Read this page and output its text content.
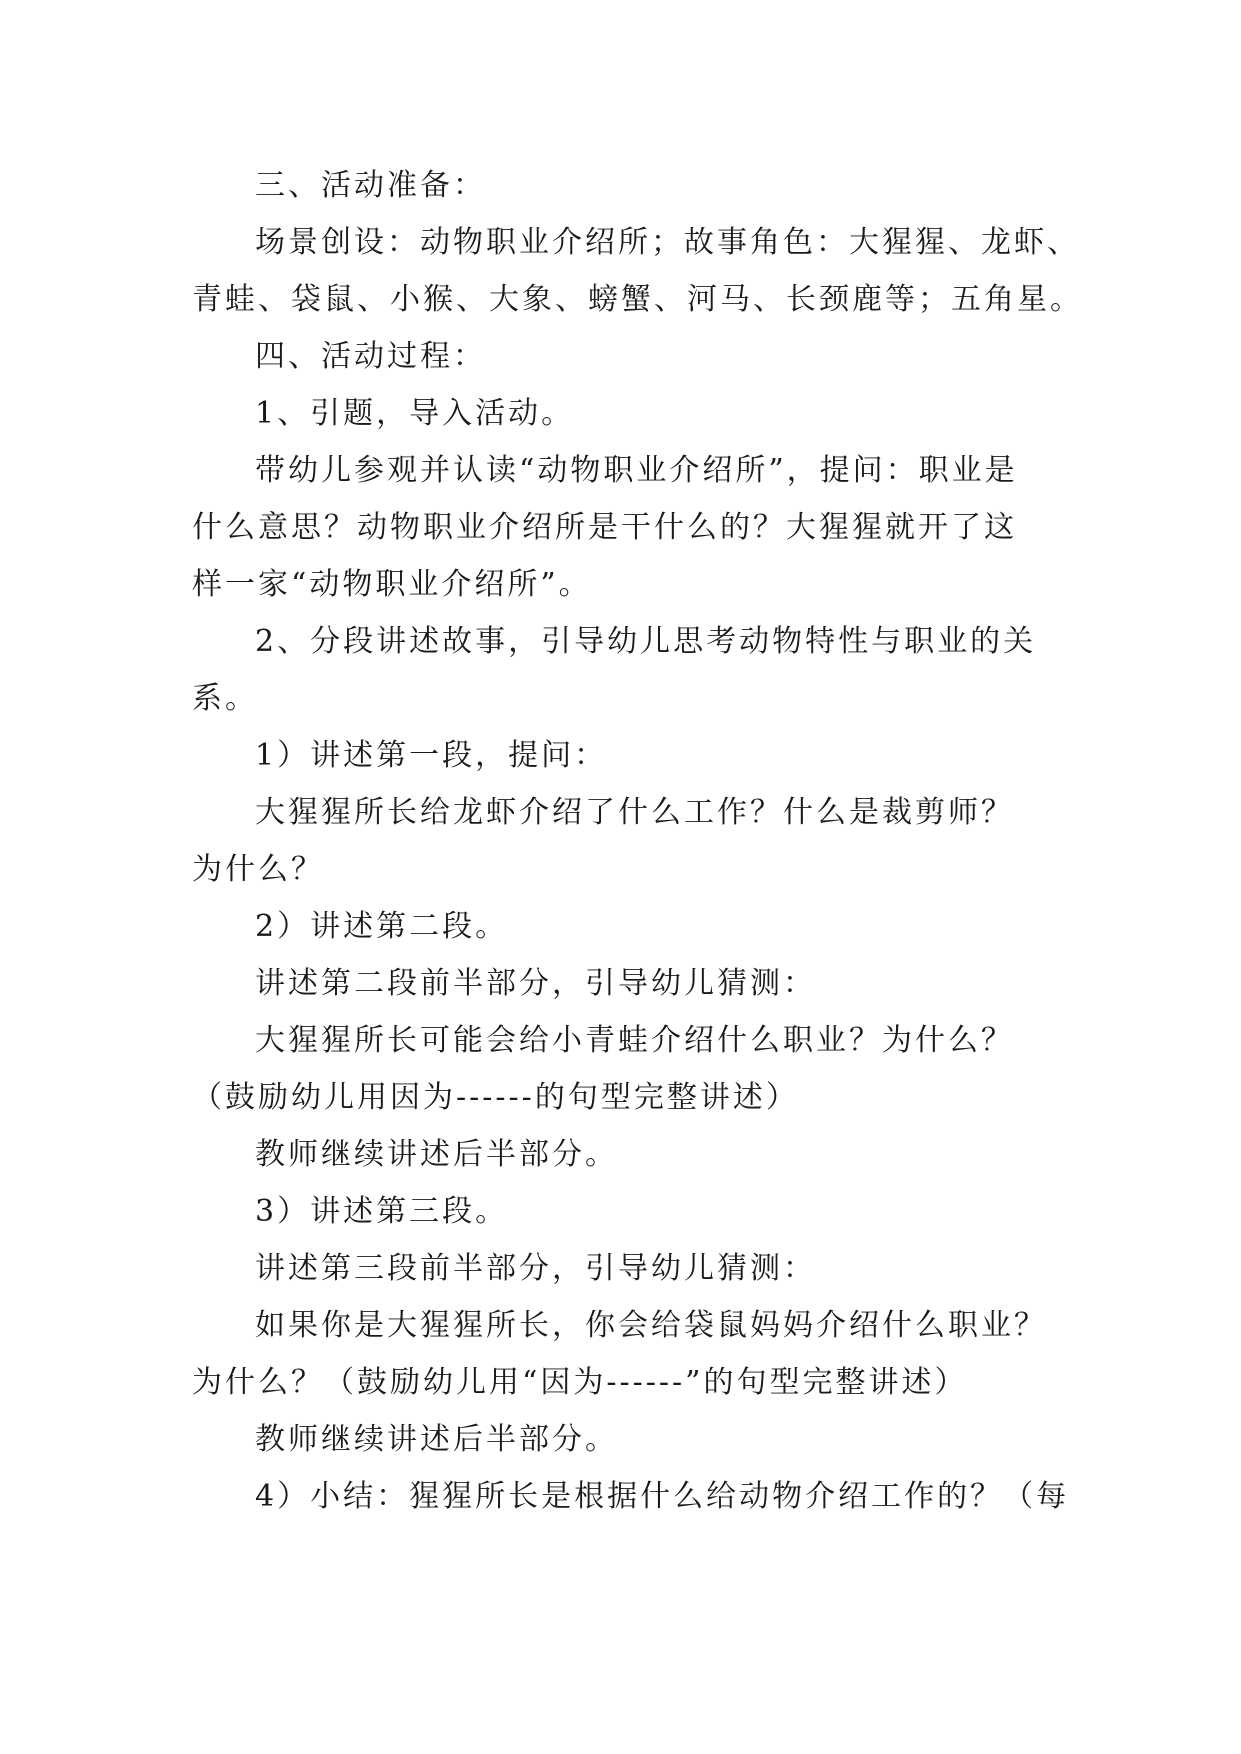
三、活动准备：
场景创设：动物职业介绍所；故事角色：大猩猩、龙虾、
青蛙、袋鼠、小猴、大象、螃蟹、河马、长颈鹿等；五角星。
四、活动过程：
1、引题，导入活动。
带幼儿参观并认读“动物职业介绍所”，提问：职业是
什么意思？动物职业介绍所是干什么的？大猩猩就开了这
样一家“动物职业介绍所”。
2、分段讲述故事，引导幼儿思考动物特性与职业的关
系。
1）讲述第一段，提问：
大猩猩所长给龙虾介绍了什么工作？什么是裁剪师？
为什么？
2）讲述第二段。
讲述第二段前半部分，引导幼儿猜测：
大猩猩所长可能会给小青蛙介绍什么职业？为什么？
（鼓励幼儿用因为------的句型完整讲述）
教师继续讲述后半部分。
3）讲述第三段。
讲述第三段前半部分，引导幼儿猜测：
如果你是大猩猩所长，你会给袋鼠妈妈介绍什么职业？
为什么？（鼓励幼儿用“因为------”的句型完整讲述）
教师继续讲述后半部分。
4）小结：猩猩所长是根据什么给动物介绍工作的？（每
